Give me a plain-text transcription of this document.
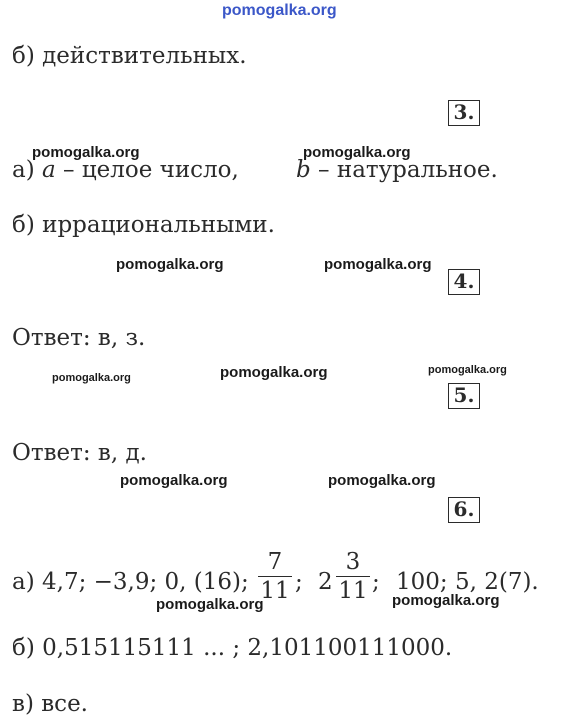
pomogalka.org
б) действительных.
3.
pomogalka.org	pomogalka.org
а) a – целое число, b – натуральное.
б) иррациональными.
pomogalka.org	pomogalka.org
4.
Ответ: в, з.
pomogalka.org	pomogalka.org	pomogalka.org
5.
Ответ: в, д.
pomogalka.org	pomogalka.org
6.
а) 4,7; −3,9; 0, (16);
7
11 ; 2
3
11 ; 100; 5, 2(7).
pomogalka.org	pomogalka.org
б) 0,515115111 ... ; 2,101100111000.
в) все.
